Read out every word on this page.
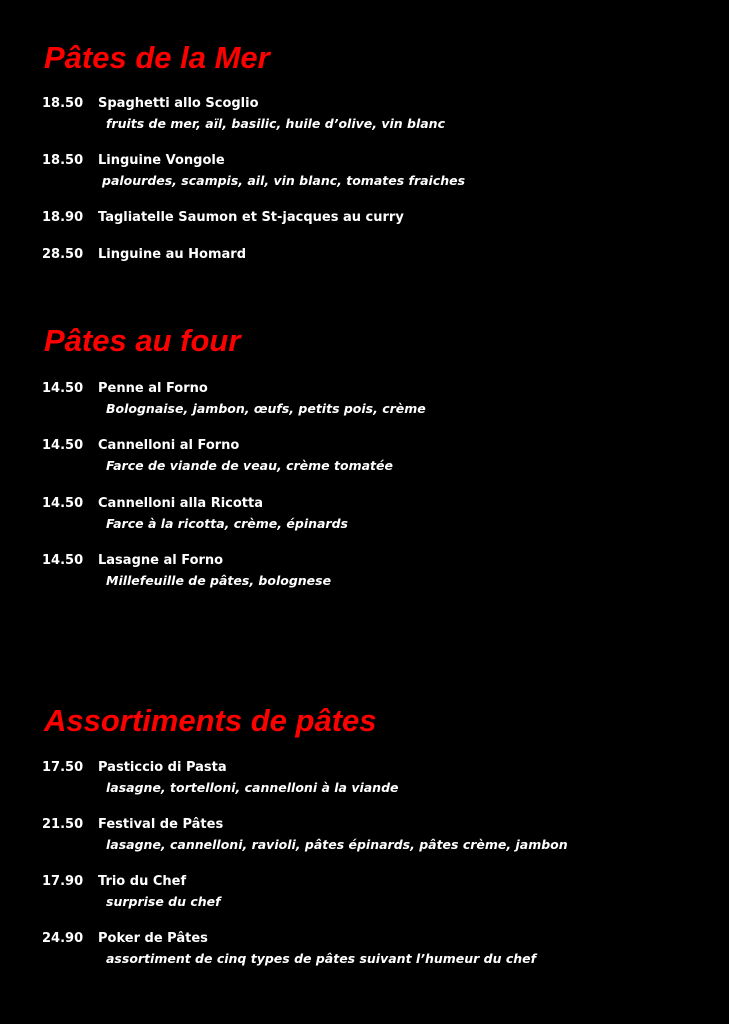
Pâtes de la Mer
18.50 Spaghetti allo Scoglio
fruits de mer, aïl, basilic, huile d’olive, vin blanc
18.50 Linguine Vongole
palourdes, scampis, ail, vin blanc, tomates fraiches
18.90 Tagliatelle Saumon et St-jacques au curry
28.50 Linguine au Homard
Pâtes au four
14.50 Penne al Forno
Bolognaise, jambon, œufs, petits pois, crème
14.50 Cannelloni al Forno
Farce de viande de veau, crème tomatée
14.50 Cannelloni alla Ricotta
Farce à la ricotta, crème, épinards
14.50 Lasagne al Forno
Millefeuille de pâtes, bolognese
Assortiments de pâtes
17.50 Pasticcio di Pasta
lasagne, tortelloni, cannelloni à la viande
21.50 Festival de Pâtes
lasagne, cannelloni, ravioli, pâtes épinards, pâtes crème, jambon
17.90 Trio du Chef
surprise du chef
24.90 Poker de Pâtes
assortiment de cinq types de pâtes suivant l’humeur du chef
